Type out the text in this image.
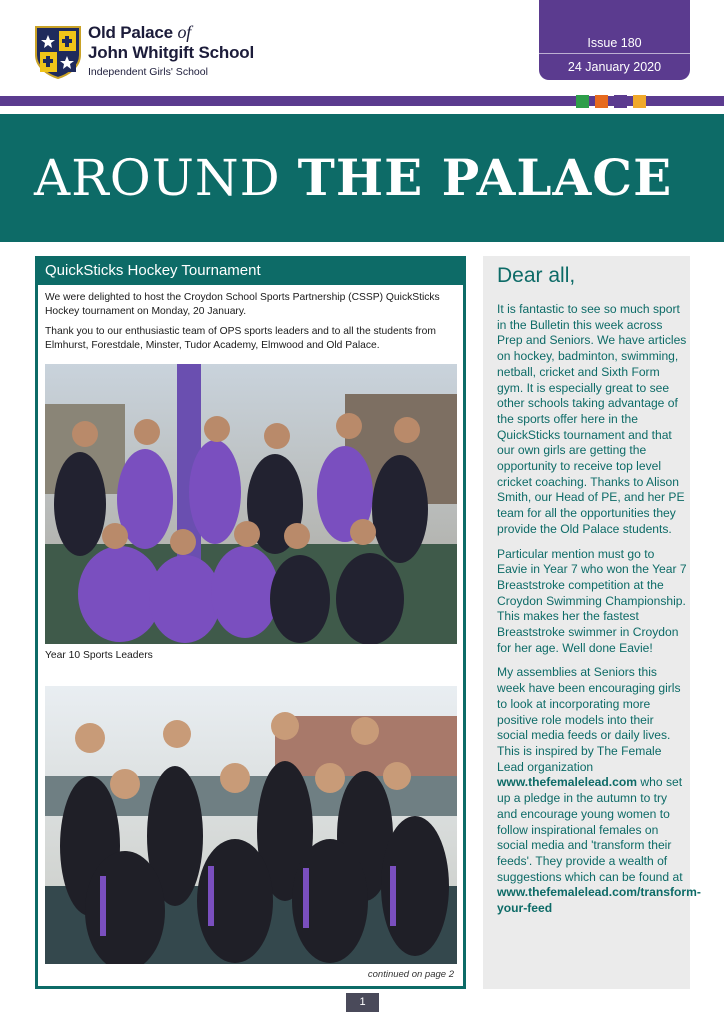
Old Palace of
John Whitgift School
Independent Girls' School
Issue 180
24 January 2020
AROUND THE PALACE
QuickSticks Hockey Tournament

We were delighted to host the Croydon School Sports Partnership (CSSP) QuickSticks Hockey tournament on Monday, 20 January.

Thank you to our enthusiastic team of OPS sports leaders and to all the students from Elmhurst, Forestdale, Minster, Tudor Academy, Elmwood and Old Palace.

Year 10 Sports Leaders
continued on page 2
Dear all,

It is fantastic to see so much sport in the Bulletin this week across Prep and Seniors. We have articles on hockey, badminton, swimming, netball, cricket and Sixth Form gym. It is especially great to see other schools taking advantage of the sports offer here in the QuickSticks tournament and that our own girls are getting the opportunity to receive top level cricket coaching. Thanks to Alison Smith, our Head of PE, and her PE team for all the opportunities they provide the Old Palace students.

Particular mention must go to Eavie in Year 7 who won the Year 7 Breaststroke competition at the Croydon Swimming Championship. This makes her the fastest Breaststroke swimmer in Croydon for her age. Well done Eavie!

My assemblies at Seniors this week have been encouraging girls to look at incorporating more positive role models into their social media feeds or daily lives. This is inspired by The Female Lead organization www.thefemalelead.com who set up a pledge in the autumn to try and encourage young women to follow inspirational females on social media and 'transform their feeds'. They provide a wealth of suggestions which can be found at www.thefemalelead.com/transform-your-feed

1
